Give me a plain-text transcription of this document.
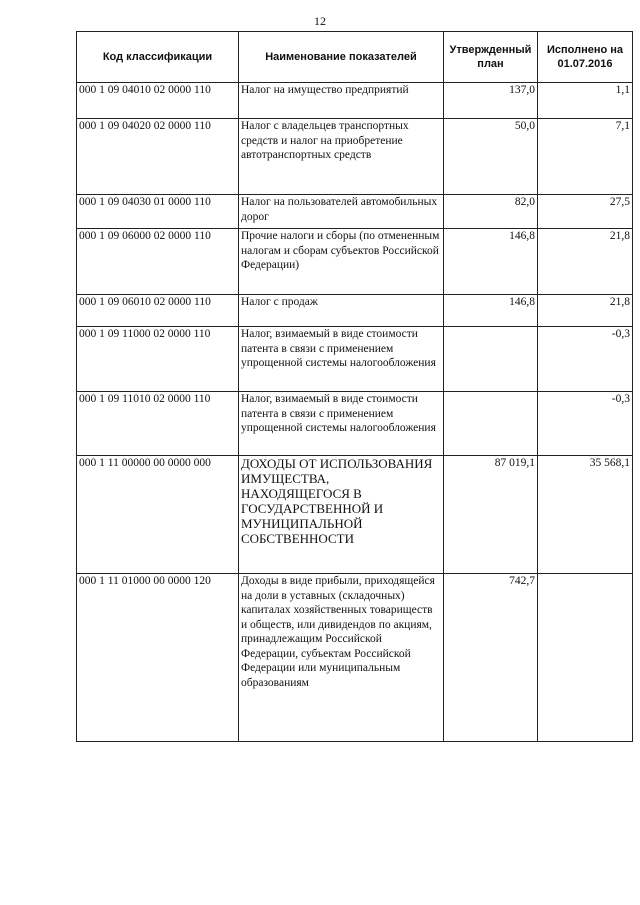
12
Код классификации	Наименование показателей	Утвержденный план	Исполнено на
01.07.2016
000 1 09 04010 02 0000 110	Налог на имущество предприятий	137,0	1,1
000 1 09 04020 02 0000 110	Налог с владельцев транспортных средств и налог на приобретение автотранспортных средств	50,0	7,1
000 1 09 04030 01 0000 110	Налог на пользователей автомобильных дорог	82,0	27,5
000 1 09 06000 02 0000 110	Прочие налоги и сборы (по отмененным налогам и сборам субъектов Российской Федерации)	146,8	21,8
000 1 09 06010 02 0000 110	Налог с продаж	146,8	21,8
000 1 09 11000 02 0000 110	Налог, взимаемый в виде стоимости патента в связи с применением упрощенной системы налогообложения		-0,3
000 1 09 11010 02 0000 110	Налог, взимаемый в виде стоимости патента в связи с применением упрощенной системы налогообложения		-0,3
000 1 11 00000 00 0000 000	ДОХОДЫ ОТ ИСПОЛЬЗОВАНИЯ ИМУЩЕСТВА, НАХОДЯЩЕГОСЯ В ГОСУДАРСТВЕННОЙ И МУНИЦИПАЛЬНОЙ СОБСТВЕННОСТИ	87 019,1	35 568,1
000 1 11 01000 00 0000 120	Доходы в виде прибыли, приходящейся на доли в уставных (складочных) капиталах хозяйственных товариществ и обществ, или дивидендов по акциям, принадлежащим Российской Федерации, субъектам Российской Федерации или муниципальным образованиям	742,7	
